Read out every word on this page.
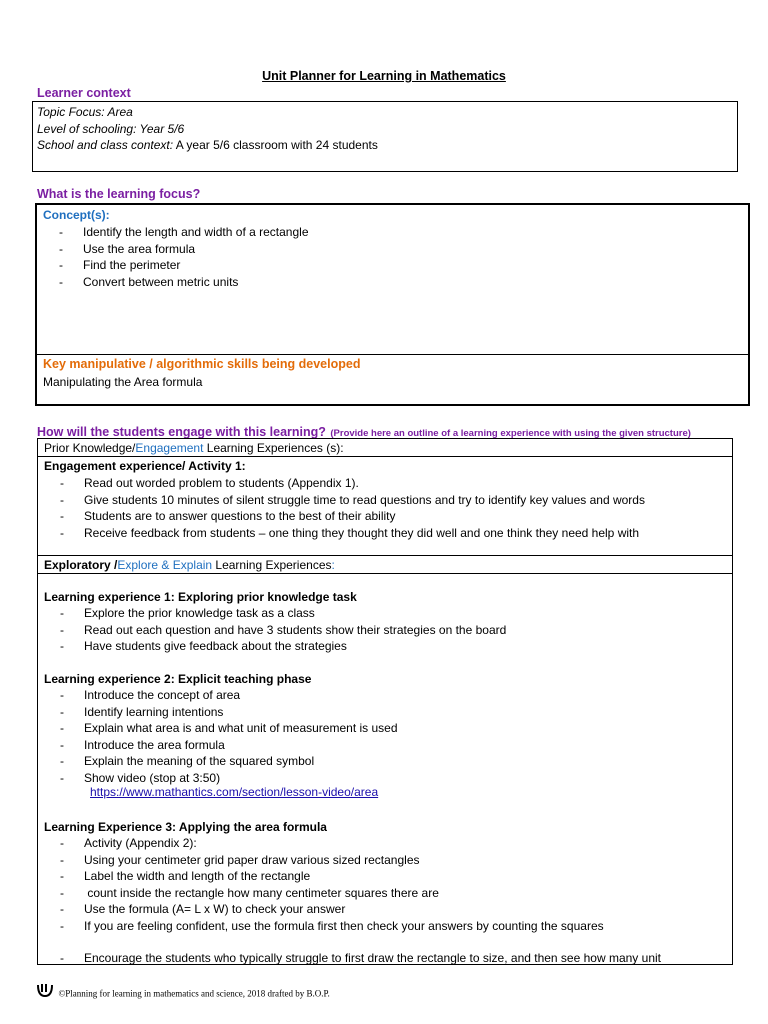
Unit Planner for Learning in Mathematics
Learner context
Topic Focus: Area
Level of schooling: Year 5/6
School and class context: A year 5/6 classroom with 24 students
What is the learning focus?
Concept(s):
- Identify the length and width of a rectangle
- Use the area formula
- Find the perimeter
- Convert between metric units
Key manipulative / algorithmic skills being developed
Manipulating the Area formula
How will the students engage with this learning? (Provide here an outline of a learning experience with using the given structure)
Prior Knowledge/Engagement Learning Experiences (s):
Engagement experience/ Activity 1:
- Read out worded problem to students (Appendix 1).
- Give students 10 minutes of silent struggle time to read questions and try to identify key values and words
- Students are to answer questions to the best of their ability
- Receive feedback from students – one thing they thought they did well and one think they need help with
Exploratory /Explore & Explain Learning Experiences:
Learning experience 1: Exploring prior knowledge task
- Explore the prior knowledge task as a class
- Read out each question and have 3 students show their strategies on the board
- Have students give feedback about the strategies
Learning experience 2: Explicit teaching phase
- Introduce the concept of area
- Identify learning intentions
- Explain what area is and what unit of measurement is used
- Introduce the area formula
- Explain the meaning of the squared symbol
- Show video (stop at 3:50)
https://www.mathantics.com/section/lesson-video/area
Learning Experience 3: Applying the area formula
- Activity (Appendix 2):
- Using your centimeter grid paper draw various sized rectangles
- Label the width and length of the rectangle
-  count inside the rectangle how many centimeter squares there are
- Use the formula (A= L x W) to check your answer
- If you are feeling confident, use the formula first then check your answers by counting the squares
- Encourage the students who typically struggle to first draw the rectangle to size, and then see how many unit
©Planning for learning in mathematics and science, 2018 drafted by B.O.P.
